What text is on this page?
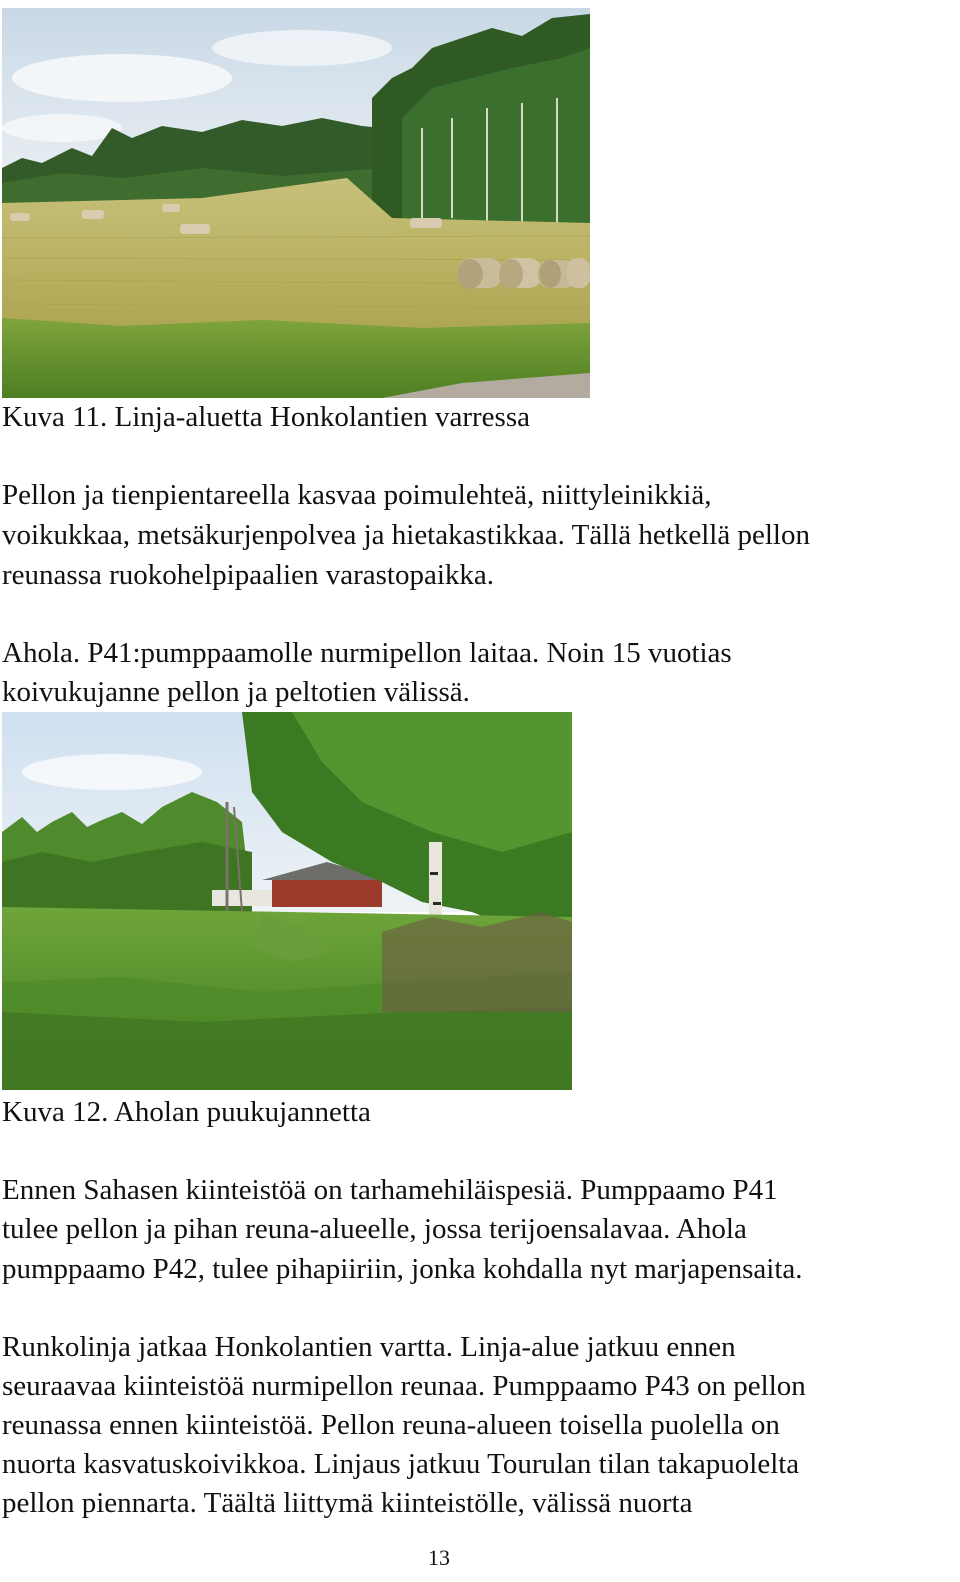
Kuva 11. Linja-aluetta Honkolantien varressa

Pellon ja tienpientareella kasvaa poimulehteä, niittyleinikkiä,

voikukkaa, metsäkurjenpolvea ja hietakastikkaa. Tällä hetkellä pellon

reunassa ruokohelpipaalien varastopaikka.

Ahola. P41:pumppaamolle nurmipellon laitaa. Noin 15 vuotias

koivukujanne pellon ja peltotien välissä.

Kuva 12. Aholan puukujannetta

Ennen Sahasen kiinteistöä on tarhamehiläispesiä. Pumppaamo P41

tulee pellon ja pihan reuna-alueelle, jossa terijoensalavaa. Ahola

pumppaamo P42, tulee pihapiiriin, jonka kohdalla nyt marjapensaita.

Runkolinja jatkaa Honkolantien vartta. Linja-alue jatkuu ennen

seuraavaa kiinteistöä nurmipellon reunaa. Pumppaamo P43 on pellon

reunassa ennen kiinteistöä. Pellon reuna-alueen toisella puolella on

nuorta kasvatuskoivikkoa. Linjaus jatkuu Tourulan tilan takapuolelta

pellon piennarta. Täältä liittymä kiinteistölle, välissä nuorta

13
